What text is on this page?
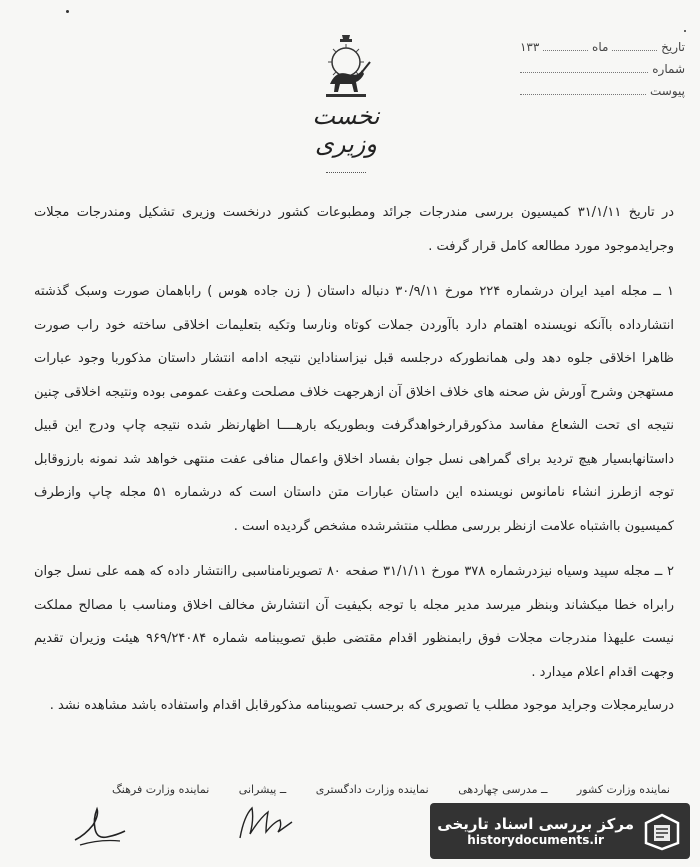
تاریخ
ماه
۱۳۳
شماره
پیوست
نخست وزیری

در تاریخ ۳۱/۱/۱۱ کمیسیون بررسی مندرجات جرائد ومطبوعات کشور درنخست وزیری تشکیل ومندرجات مجلات وجرایدموجود مورد مطالعه کامل قرار گرفت .

۱ ــ مجله امید ایران درشماره ۲۲۴ مورخ ۳۰/۹/۱۱ دنباله داستان ( زن جاده هوس ) راباهمان صورت وسبک گذشته انتشارداده باآنکه نویسنده اهتمام دارد باآوردن جملات کوتاه ونارسا وتکیه بتعلیمات اخلاقی ساخته خود راب صورت ظاهرا اخلاقی جلوه دهد ولی همانطورکه درجلسه قبل نیزاسناداین نتیجه ادامه انتشار داستان مذکوربا وجود عبارات مستهجن وشرح آورش ش صحنه های خلاف اخلاق آن ازهرجهت خلاف مصلحت وعفت عمومی بوده ونتیجه اخلاقی چنین نتیجه ای تحت الشعاع مفاسد مذکورقرارخواهدگرفت وبطوریکه بارهــــا اظهارنظر شده نتیجه چاپ ودرج این قبیل داستانهابسیار هیچ تردید برای گمراهی نسل جوان بفساد اخلاق واعمال منافی عفت منتهی خواهد شد نمونه بارزوقابل توجه ازطرز انشاء نامانوس نویسنده این داستان عبارات متن داستان است که درشماره ۵۱ مجله چاپ وازطرف کمیسیون بااشتباه علامت ازنظر بررسی مطلب منتشرشده مشخص گردیده است .

۲ ــ مجله سپید وسیاه نیزدرشماره ۳۷۸ مورخ ۳۱/۱/۱۱ صفحه ۸۰ تصویرنامناسبی راانتشار داده که همه علی نسل جوان رابراه خطا میکشاند وبنظر میرسد مدیر مجله با توجه بکیفیت آن انتشارش مخالف اخلاق ومناسب با مصالح مملکت نیست علیهذا مندرجات مجلات فوق رابمنظور اقدام مقتضی طبق تصویبنامه شماره ۹۶۹/۲۴۰۸۴ هیئت وزیران تقدیم وجهت اقدام اعلام میدارد .

درسایرمجلات وجراید موجود مطلب یا تصویری که برحسب تصویبنامه مذکورقابل اقدام واستفاده باشد مشاهده نشد .

نماینده وزارت کشور ــ مدرسی چهاردهی نماینده وزارت دادگستری ــ پیشرانی نماینده وزارت فرهنگ
مرکز بررسی اسناد تاریخی
historydocuments.ir
